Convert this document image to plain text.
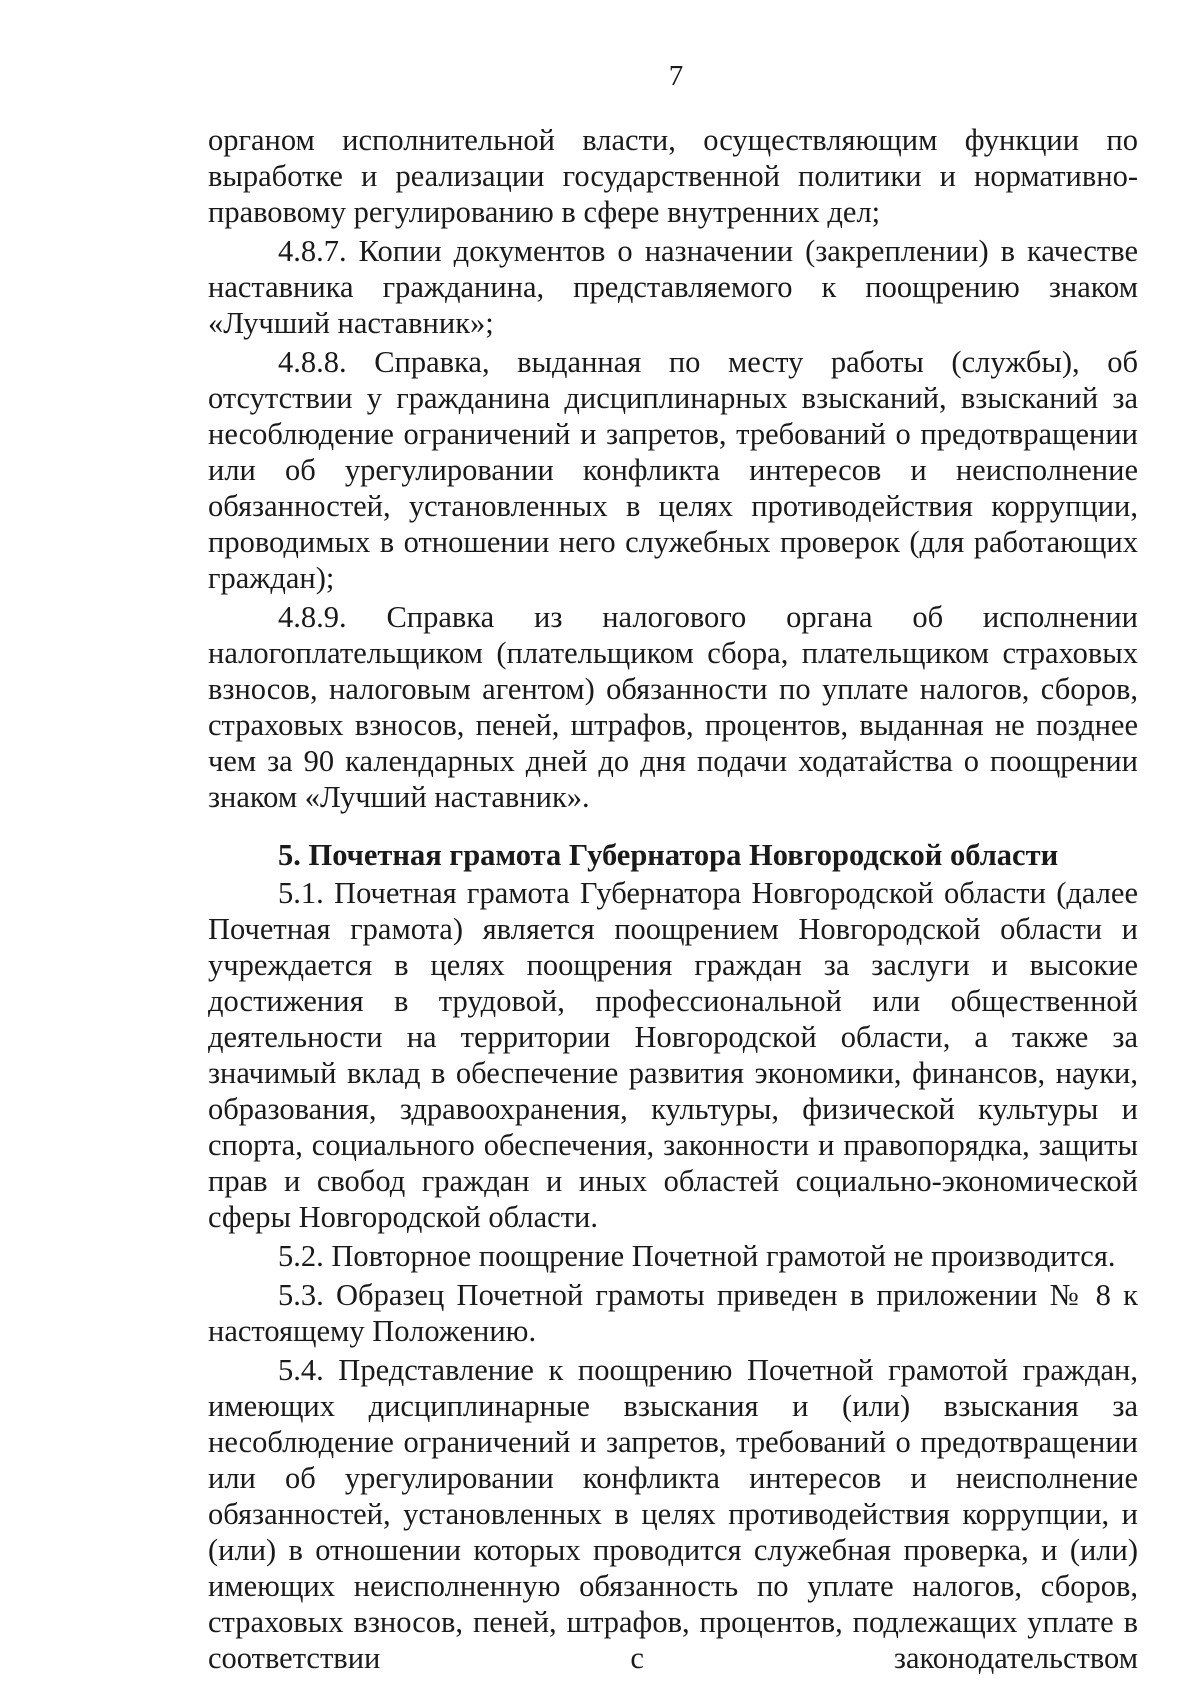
7

органом исполнительной власти, осуществляющим функции по выработке и реализации государственной политики и нормативно-правовому регулированию в сфере внутренних дел;

4.8.7. Копии документов о назначении (закреплении) в качестве наставника гражданина, представляемого к поощрению знаком «Лучший наставник»;

4.8.8. Справка, выданная по месту работы (службы), об отсутствии у гражданина дисциплинарных взысканий, взысканий за несоблюдение ограничений и запретов, требований о предотвращении или об урегулировании конфликта интересов и неисполнение обязанностей, установленных в целях противодействия коррупции, проводимых в отношении него служебных проверок (для работающих граждан);

4.8.9. Справка из налогового органа об исполнении налогоплательщиком (плательщиком сбора, плательщиком страховых взносов, налоговым агентом) обязанности по уплате налогов, сборов, страховых взносов, пеней, штрафов, процентов, выданная не позднее чем за 90 календарных дней до дня подачи ходатайства о поощрении знаком «Лучший наставник».

5. Почетная грамота Губернатора Новгородской области

5.1. Почетная грамота Губернатора Новгородской области (далее Почетная грамота) является поощрением Новгородской области и учреждается в целях поощрения граждан за заслуги и высокие достижения в трудовой, профессиональной или общественной деятельности на территории Новгородской области, а также за значимый вклад в обеспечение развития экономики, финансов, науки, образования, здравоохранения, культуры, физической культуры и спорта, социального обеспечения, законности и правопорядка, защиты прав и свобод граждан и иных областей социально-экономической сферы Новгородской области.

5.2. Повторное поощрение Почетной грамотой не производится.

5.3. Образец Почетной грамоты приведен в приложении № 8 к настоящему Положению.

5.4. Представление к поощрению Почетной грамотой граждан, имеющих дисциплинарные взыскания и (или) взыскания за несоблюдение ограничений и запретов, требований о предотвращении или об урегулировании конфликта интересов и неисполнение обязанностей, установленных в целях противодействия коррупции, и (или) в отношении которых проводится служебная проверка, и (или) имеющих неисполненную обязанность по уплате налогов, сборов, страховых взносов, пеней, штрафов, процентов, подлежащих уплате в соответствии с законодательством
